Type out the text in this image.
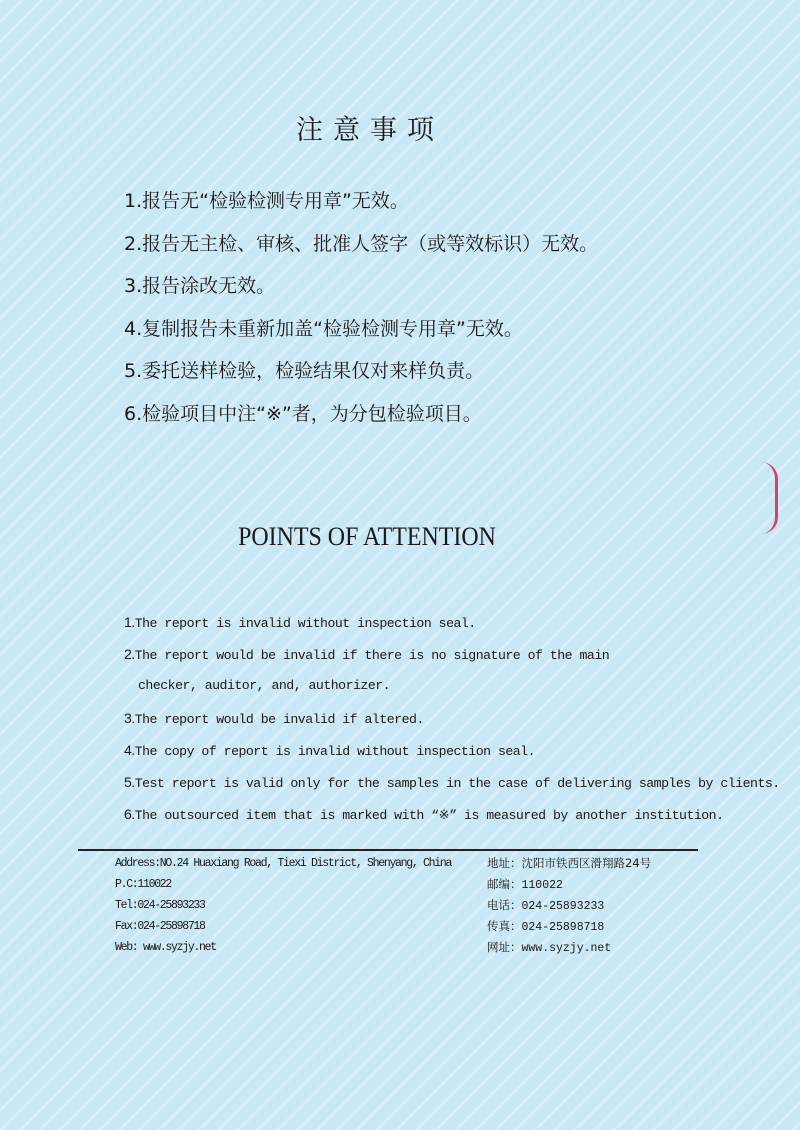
注意事项
1.报告无“检验检测专用章”无效。
2.报告无主检、审核、批准人签字（或等效标识）无效。
3.报告涂改无效。
4.复制报告未重新加盖“检验检测专用章”无效。
5.委托送样检验，检验结果仅对来样负责。
6.检验项目中注“※”者，为分包检验项目。
POINTS OF ATTENTION
1.The report is invalid without inspection seal.
2.The report would be invalid if there is no signature of the main
checker, auditor, and, authorizer.
3.The report would be invalid if altered.
4.The copy of report is invalid without inspection seal.
5.Test report is valid only for the samples in the case of delivering samples by clients.
6.The outsourced item that is marked with “※” is measured by another institution.
Address:NO.24 Huaxiang Road, Tiexi District, Shenyang, China
P.C:110022
Tel:024-25893233
Fax:024-25898718
Web: www.syzjy.net
地址：沈阳市铁西区滑翔路24号
邮编：110022
电话：024-25893233
传真：024-25898718
网址：www.syzjy.net
